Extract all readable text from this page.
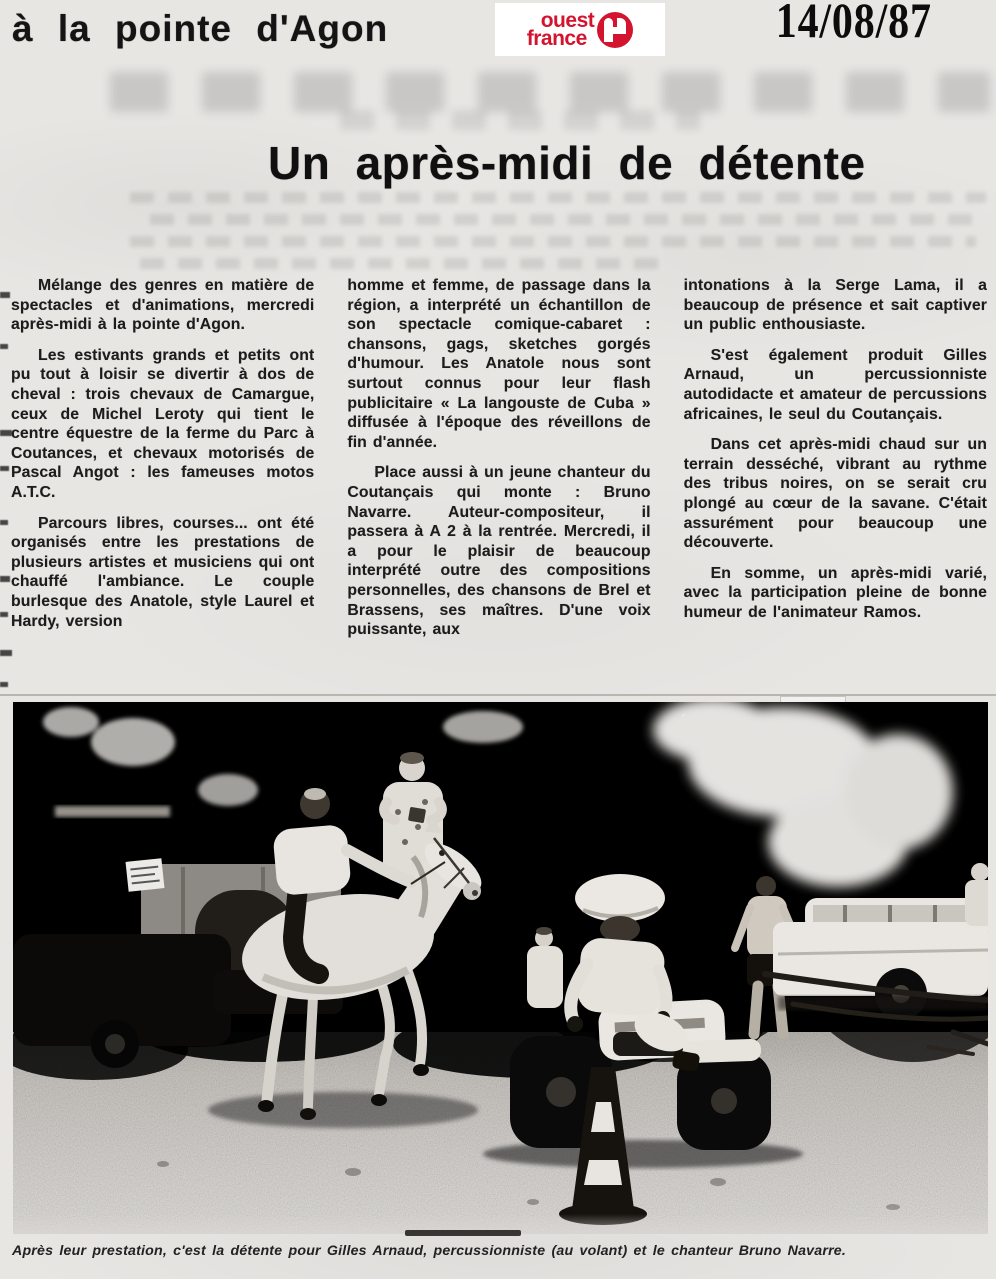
à la pointe d'Agon	ouest
france	14/08/87
Un après-midi de détente

Mélange des genres en matière de spectacles et d'animations, mercredi après-midi à la pointe d'Agon.

Les estivants grands et petits ont pu tout à loisir se divertir à dos de cheval : trois chevaux de Camargue, ceux de Michel Leroty qui tient le centre équestre de la ferme du Parc à Coutances, et chevaux motorisés de Pascal Angot : les fameuses motos A.T.C.

Parcours libres, courses... ont été organisés entre les prestations de plusieurs artistes et musiciens qui ont chauffé l'ambiance. Le couple burlesque des Anatole, style Laurel et Hardy, version

homme et femme, de passage dans la région, a interprété un échantillon de son spectacle comique-cabaret : chansons, gags, sketches gorgés d'humour. Les Anatole nous sont surtout connus pour leur flash publicitaire « La langouste de Cuba » diffusée à l'époque des réveillons de fin d'année.

Place aussi à un jeune chanteur du Coutançais qui monte : Bruno Navarre. Auteur-compositeur, il passera à A 2 à la rentrée. Mercredi, il a pour le plaisir de beaucoup interprété outre des compositions personnelles, des chansons de Brel et Brassens, ses maîtres. D'une voix puissante, aux

intonations à la Serge Lama, il a beaucoup de présence et sait captiver un public enthousiaste.

S'est également produit Gilles Arnaud, un percussionniste autodidacte et amateur de percussions africaines, le seul du Coutançais.

Dans cet après-midi chaud sur un terrain desséché, vibrant au rythme des tribus noires, on se serait cru plongé au cœur de la savane. C'était assurément pour beaucoup une découverte.

En somme, un après-midi varié, avec la participation pleine de bonne humeur de l'animateur Ramos.

Après leur prestation, c'est la détente pour Gilles Arnaud, percussionniste (au volant) et le chanteur Bruno Navarre.
